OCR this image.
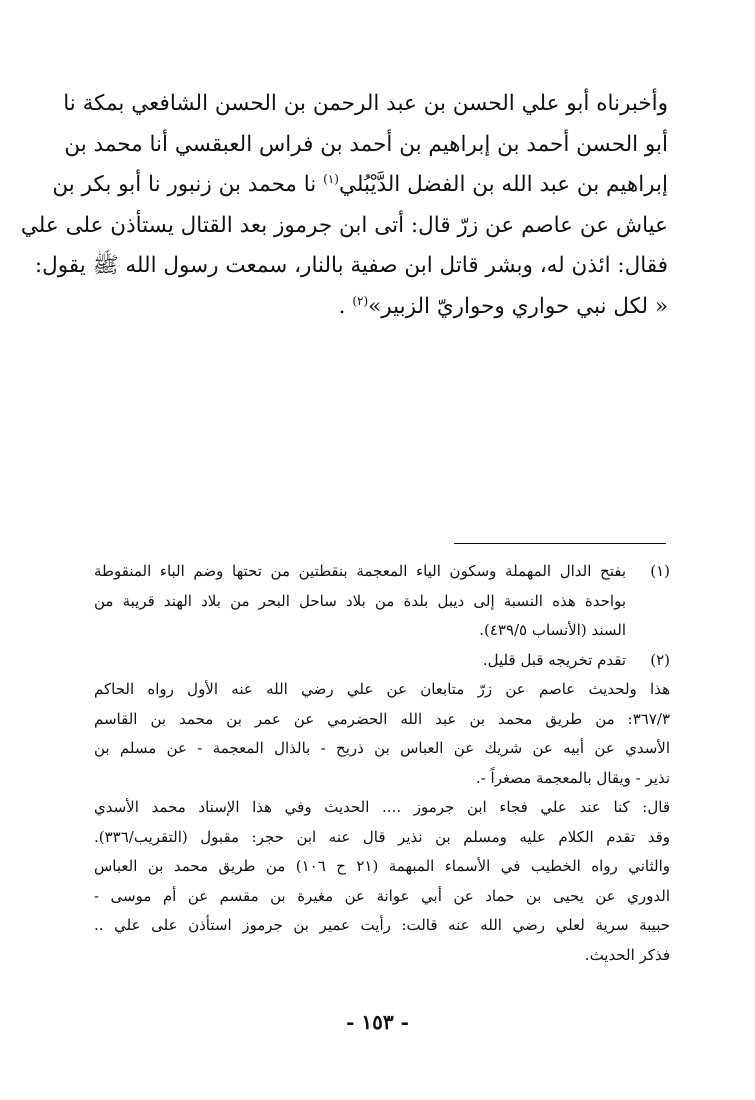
وأخبرناه أبو علي الحسن بن عبد الرحمن بن الحسن الشافعي بمكة نا
أبو الحسن أحمد بن إبراهيم بن أحمد بن فراس العبقسي أنا محمد بن
إبراهيم بن عبد الله بن الفضل الدَّيْبُلي$^{(١)}$ نا محمد بن زنبور نا أبو بكر بن
عياش عن عاصم عن زرّ قال: أتى ابن جرموز بعد القتال يستأذن على علي
فقال: ائذن له، وبشر قاتل ابن صفية بالنار، سمعت رسول الله ﷺ يقول:
« لكل نبي حواري وحواريّ الزبير»$^{(٢)}$ .

(١)
بفتح الدال المهملة وسكون الياء المعجمة بنقطتين من تحتها وضم الباء المنقوطة
بواحدة هذه النسبة إلى ديبل بلدة من بلاد ساحل البحر من بلاد الهند قريبة من
السند (الأنساب ٤٣٩/٥).
(٢)
تقدم تخريجه قبل قليل.
هذا ولحديث عاصم عن زرّ متابعان عن علي رضي الله عنه الأول رواه الحاكم
٣٦٧/٣: من طريق محمد بن عبد الله الحضرمي عن عمر بن محمد بن القاسم
الأسدي عن أبيه عن شريك عن العباس بن ذريح - بالذال المعجمة - عن مسلم بن
نذير - ويقال بالمعجمة مصغراً -.
قال: كنا عند علي فجاء ابن جرموز .... الحديث وفي هذا الإسناد محمد الأسدي
وقد تقدم الكلام عليه ومسلم بن نذير قال عنه ابن حجر: مقبول (التقريب/٣٣٦).
والثاني رواه الخطيب في الأسماء المبهمة (٢١ ح ١٠٦) من طريق محمد بن العباس
الدوري عن يحيى بن حماد عن أبي عوانة عن مغيرة بن مقسم عن أم موسى -
حبيبة سرية لعلي رضي الله عنه قالت: رأيت عمير بن جرموز استأذن على علي ..
فذكر الحديث.
- ١٥٣ -
